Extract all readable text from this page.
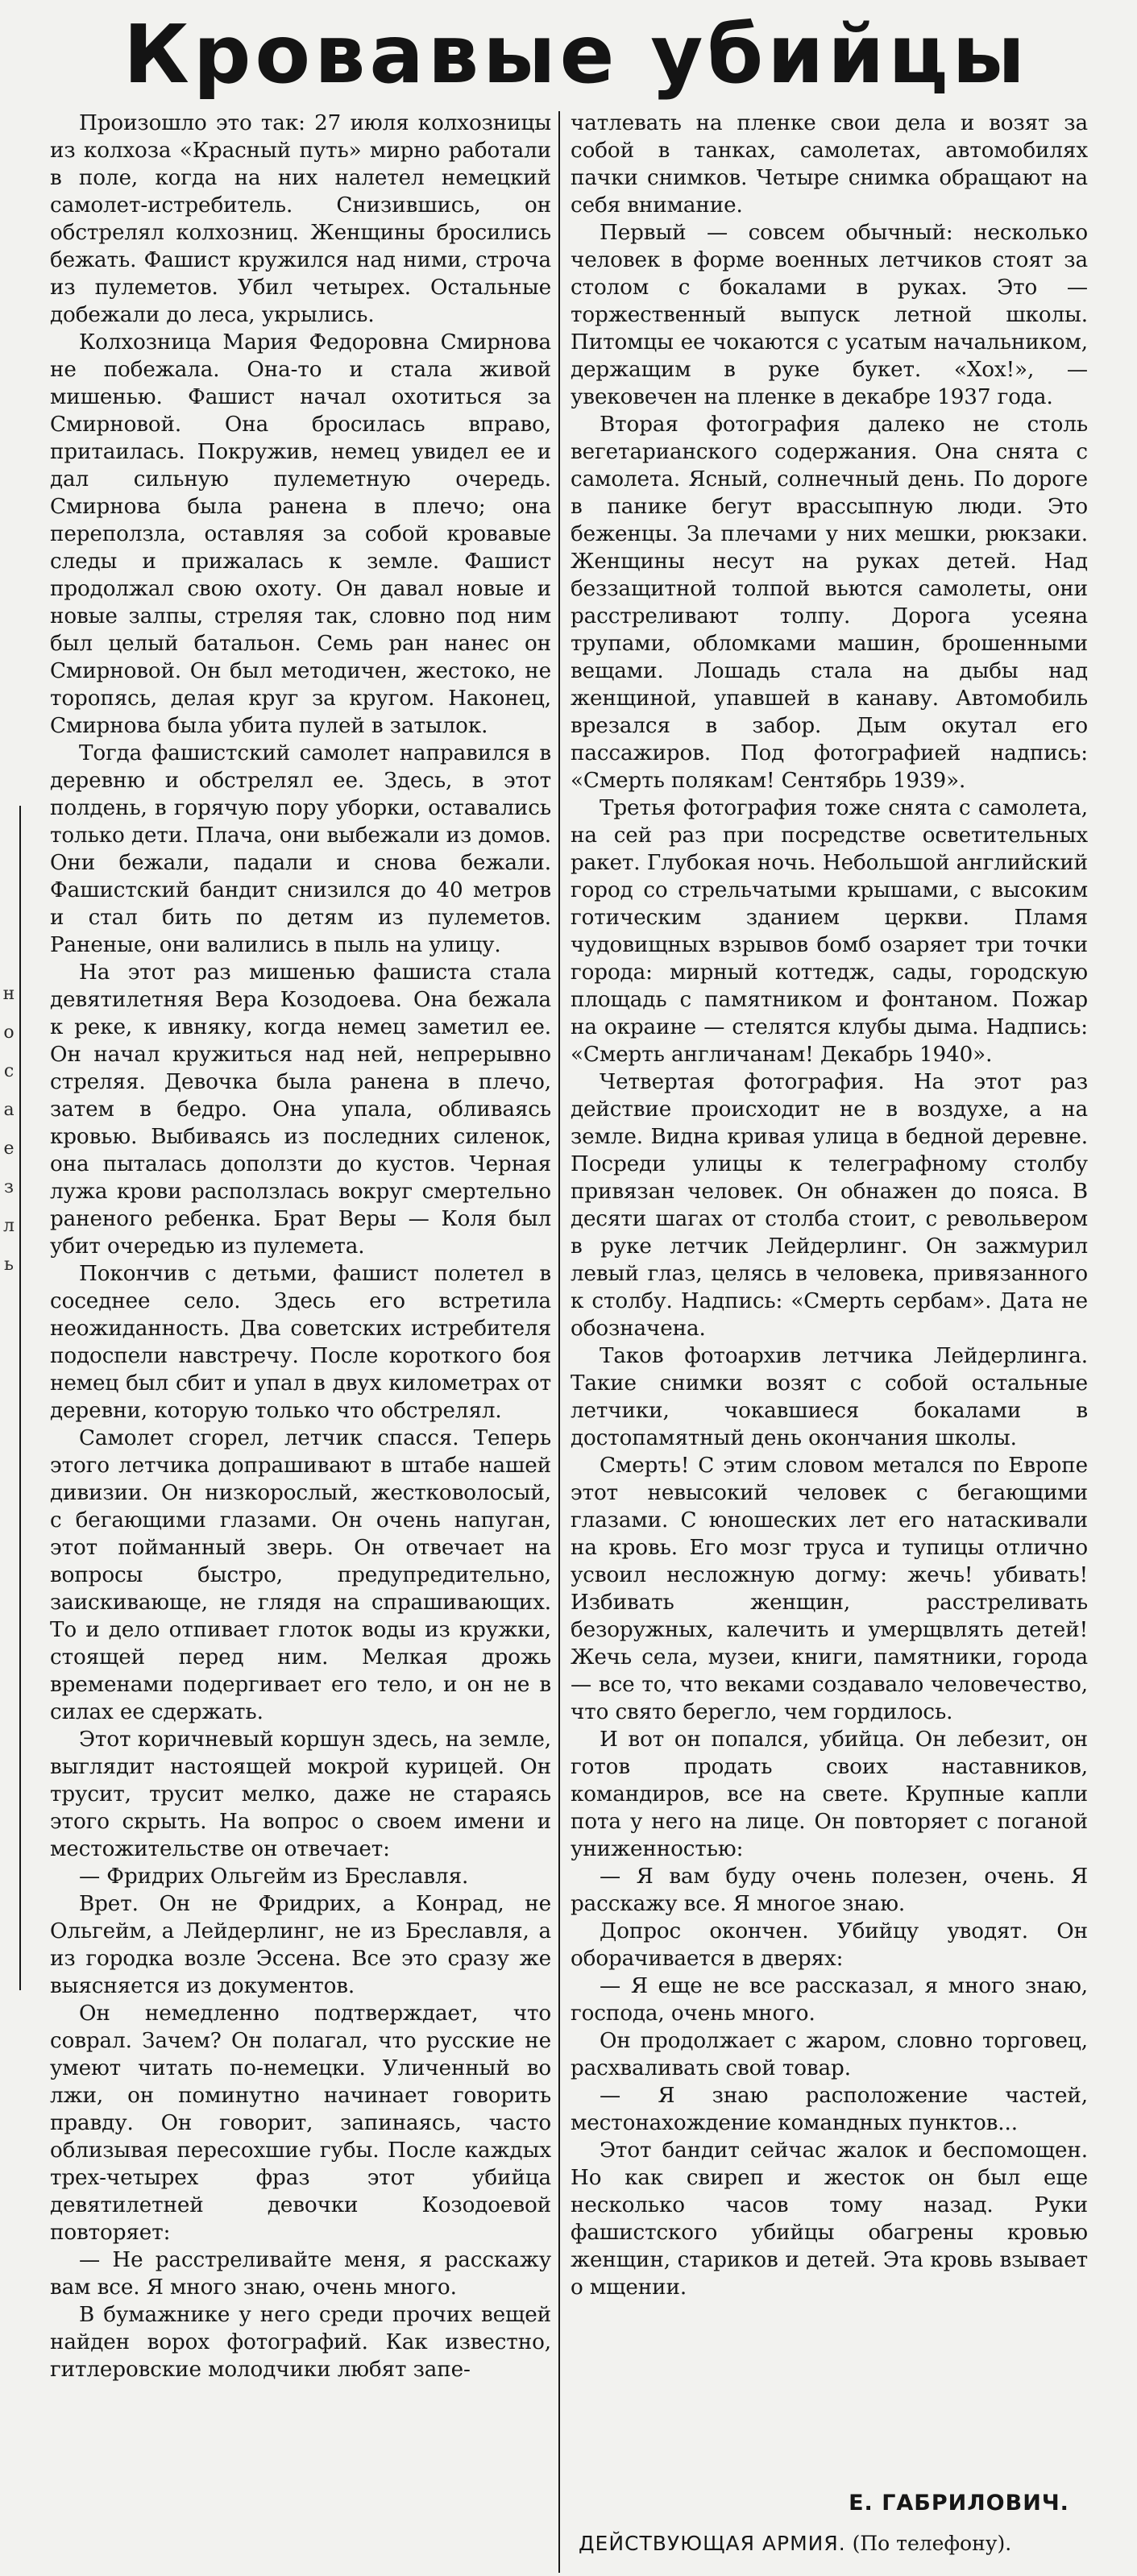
Кровавые убийцы
н
о
с
а
е
з
л
ь

Произошло это так: 27 июля колхозницы из колхоза «Красный путь» мирно работали в поле, когда на них налетел немецкий самолет-истребитель. Снизившись, он обстрелял колхозниц. Женщины бросились бежать. Фашист кружился над ними, строча из пулеметов. Убил четырех. Остальные добежали до леса, укрылись.

Колхозница Мария Федоровна Смирнова не побежала. Она-то и стала живой мишенью. Фашист начал охотиться за Смирновой. Она бросилась вправо, притаилась. Покружив, немец увидел ее и дал сильную пулеметную очередь. Смирнова была ранена в плечо; она переползла, оставляя за собой кровавые следы и прижалась к земле. Фашист продолжал свою охоту. Он давал новые и новые залпы, стреляя так, словно под ним был целый батальон. Семь ран нанес он Смирновой. Он был методичен, жестоко, не торопясь, делая круг за кругом. Наконец, Смирнова была убита пулей в затылок.

Тогда фашистский самолет направился в деревню и обстрелял ее. Здесь, в этот полдень, в горячую пору уборки, оставались только дети. Плача, они выбежали из домов. Они бежали, падали и снова бежали. Фашистский бандит снизился до 40 метров и стал бить по детям из пулеметов. Раненые, они валились в пыль на улицу.

На этот раз мишенью фашиста стала девятилетняя Вера Козодоева. Она бежала к реке, к ивняку, когда немец заметил ее. Он начал кружиться над ней, непрерывно стреляя. Девочка была ранена в плечо, затем в бедро. Она упала, обливаясь кровью. Выбиваясь из последних силенок, она пыталась доползти до кустов. Черная лужа крови расползлась вокруг смертельно раненого ребенка. Брат Веры — Коля был убит очередью из пулемета.

Покончив с детьми, фашист полетел в соседнее село. Здесь его встретила неожиданность. Два советских истребителя подоспели навстречу. После короткого боя немец был сбит и упал в двух километрах от деревни, которую только что обстрелял.

Самолет сгорел, летчик спасся. Теперь этого летчика допрашивают в штабе нашей дивизии. Он низкорослый, жестковолосый, с бегающими глазами. Он очень напуган, этот пойманный зверь. Он отвечает на вопросы быстро, предупредительно, заискивающе, не глядя на спрашивающих. То и дело отпивает глоток воды из кружки, стоящей перед ним. Мелкая дрожь временами подергивает его тело, и он не в силах ее сдержать.

Этот коричневый коршун здесь, на земле, выглядит настоящей мокрой курицей. Он трусит, трусит мелко, даже не стараясь этого скрыть. На вопрос о своем имени и местожительстве он отвечает:

— Фридрих Ольгейм из Бреславля.

Врет. Он не Фридрих, а Конрад, не Ольгейм, а Лейдерлинг, не из Бреславля, а из городка возле Эссена. Все это сразу же выясняется из документов.

Он немедленно подтверждает, что соврал. Зачем? Он полагал, что русские не умеют читать по-немецки. Уличенный во лжи, он поминутно начинает говорить правду. Он говорит, запинаясь, часто облизывая пересохшие губы. После каждых трех-четырех фраз этот убийца девятилетней девочки Козодоевой повторяет:

— Не расстреливайте меня, я расскажу вам все. Я много знаю, очень много.

В бумажнике у него среди прочих вещей найден ворох фотографий. Как известно, гитлеровские молодчики любят запе-

чатлевать на пленке свои дела и возят за собой в танках, самолетах, автомобилях пачки снимков. Четыре снимка обращают на себя внимание.

Первый — совсем обычный: несколько человек в форме военных летчиков стоят за столом с бокалами в руках. Это — торжественный выпуск летной школы. Питомцы ее чокаются с усатым начальником, держащим в руке букет. «Хох!», — увековечен на пленке в декабре 1937 года.

Вторая фотография далеко не столь вегетарианского содержания. Она снята с самолета. Ясный, солнечный день. По дороге в панике бегут врассыпную люди. Это беженцы. За плечами у них мешки, рюкзаки. Женщины несут на руках детей. Над беззащитной толпой вьются самолеты, они расстреливают толпу. Дорога усеяна трупами, обломками машин, брошенными вещами. Лошадь стала на дыбы над женщиной, упавшей в канаву. Автомобиль врезался в забор. Дым окутал его пассажиров. Под фотографией надпись: «Смерть полякам! Сентябрь 1939».

Третья фотография тоже снята с самолета, на сей раз при посредстве осветительных ракет. Глубокая ночь. Небольшой английский город со стрельчатыми крышами, с высоким готическим зданием церкви. Пламя чудовищных взрывов бомб озаряет три точки города: мирный коттедж, сады, городскую площадь с памятником и фонтаном. Пожар на окраине — стелятся клубы дыма. Надпись: «Смерть англичанам! Декабрь 1940».

Четвертая фотография. На этот раз действие происходит не в воздухе, а на земле. Видна кривая улица в бедной деревне. Посреди улицы к телеграфному столбу привязан человек. Он обнажен до пояса. В десяти шагах от столба стоит, с револьвером в руке летчик Лейдерлинг. Он зажмурил левый глаз, целясь в человека, привязанного к столбу. Надпись: «Смерть сербам». Дата не обозначена.

Таков фотоархив летчика Лейдерлинга. Такие снимки возят с собой остальные летчики, чокавшиеся бокалами в достопамятный день окончания школы.

Смерть! С этим словом метался по Европе этот невысокий человек с бегающими глазами. С юношеских лет его натаскивали на кровь. Его мозг труса и тупицы отлично усвоил несложную догму: жечь! убивать! Избивать женщин, расстреливать безоружных, калечить и умерщвлять детей! Жечь села, музеи, книги, памятники, города — все то, что веками создавало человечество, что свято берегло, чем гордилось.

И вот он попался, убийца. Он лебезит, он готов продать своих наставников, командиров, все на свете. Крупные капли пота у него на лице. Он повторяет с поганой униженностью:

— Я вам буду очень полезен, очень. Я расскажу все. Я многое знаю.

Допрос окончен. Убийцу уводят. Он оборачивается в дверях:

— Я еще не все рассказал, я много знаю, господа, очень много.

Он продолжает с жаром, словно торговец, расхваливать свой товар.

— Я знаю расположение частей, местонахождение командных пунктов...

Этот бандит сейчас жалок и беспомощен. Но как свиреп и жесток он был еще несколько часов тому назад. Руки фашистского убийцы обагрены кровью женщин, стариков и детей. Эта кровь взывает о мщении.

Е. ГАБРИЛОВИЧ.
ДЕЙСТВУЮЩАЯ АРМИЯ. (По телефону).
